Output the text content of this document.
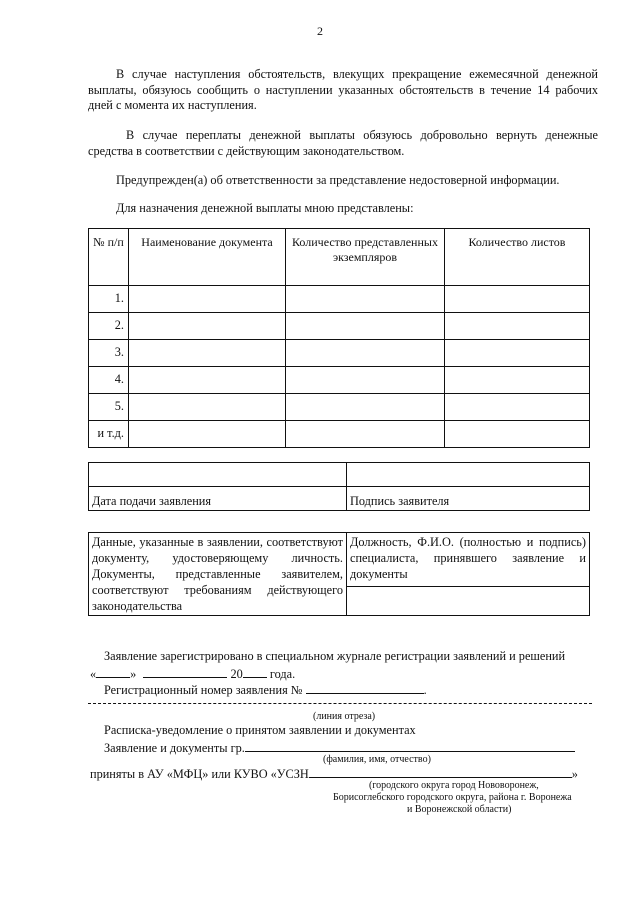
2
В случае наступления обстоятельств, влекущих прекращение ежемесячной денежной выплаты, обязуюсь сообщить о наступлении указанных обстоятельств в течение 14 рабочих дней с момента их наступления.
В случае переплаты денежной выплаты обязуюсь добровольно вернуть денежные средства в соответствии с действующим законодательством.
Предупрежден(а) об ответственности за представление недостоверной информации.
Для назначения денежной выплаты мною представлены:
№ п/п	Наименование документа	Количество представленных экземпляров	Количество листов
1.			
2.			
3.			
4.			
5.			
и т.д.			

Дата подачи заявления	Подпись заявителя
Данные, указанные в заявлении, соответствуют документу, удостоверяющему личность. Документы, представленные заявителем, соответствуют требованиям действующего законодательства	Должность, Ф.И.О. (полностью и подпись) специалиста, принявшего заявление и документы

Заявление зарегистрировано в специальном журнале регистрации заявлений и решений
«	»	20 года.
Регистрационный номер заявления №	.
(линия отреза)
Расписка-уведомление о принятом заявлении и документах
Заявление и документы гр.
(фамилия, имя, отчество)
приняты в АУ «МФЦ» или КУВО «УСЗН	»
(городского округа город Нововоронеж,
Борисоглебского городского округа, района г. Воронежа
и Воронежской области)
